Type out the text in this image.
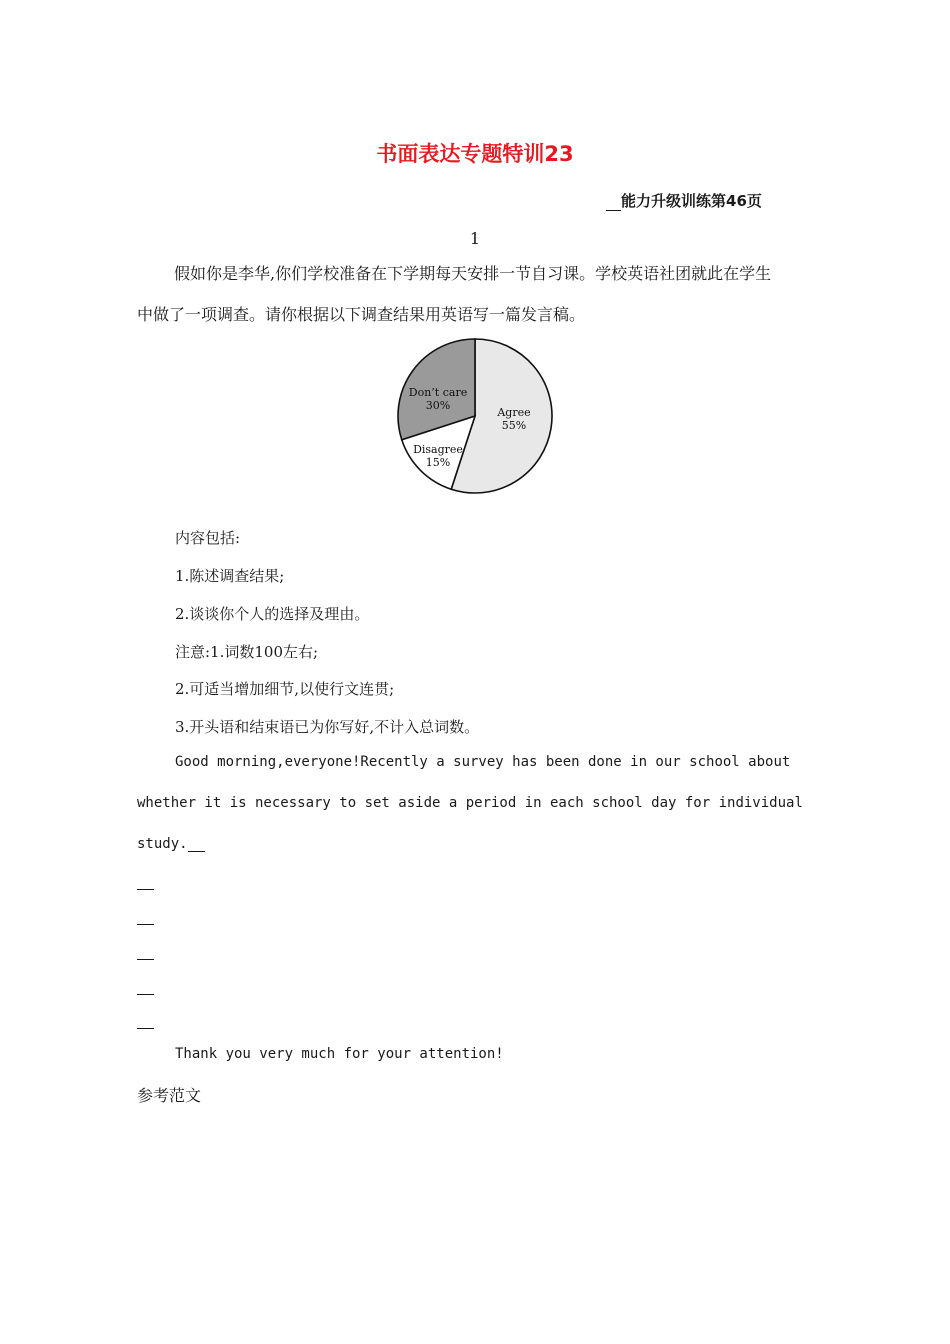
书面表达专题特训23
能力升级训练第46页
1
假如你是李华,你们学校准备在下学期每天安排一节自习课。学校英语社团就此在学生
中做了一项调查。请你根据以下调查结果用英语写一篇发言稿。
Agree
55%
Disagree
15%
Don’t care
30%
内容包括:
1.陈述调查结果;
2.谈谈你个人的选择及理由。
注意:1.词数100左右;
2.可适当增加细节,以使行文连贯;
3.开头语和结束语已为你写好,不计入总词数。
Good morning,everyone!Recently a survey has been done in our school about
whether it is necessary to set aside a period in each school day for individual
study.
Thank you very much for your attention!
参考范文
